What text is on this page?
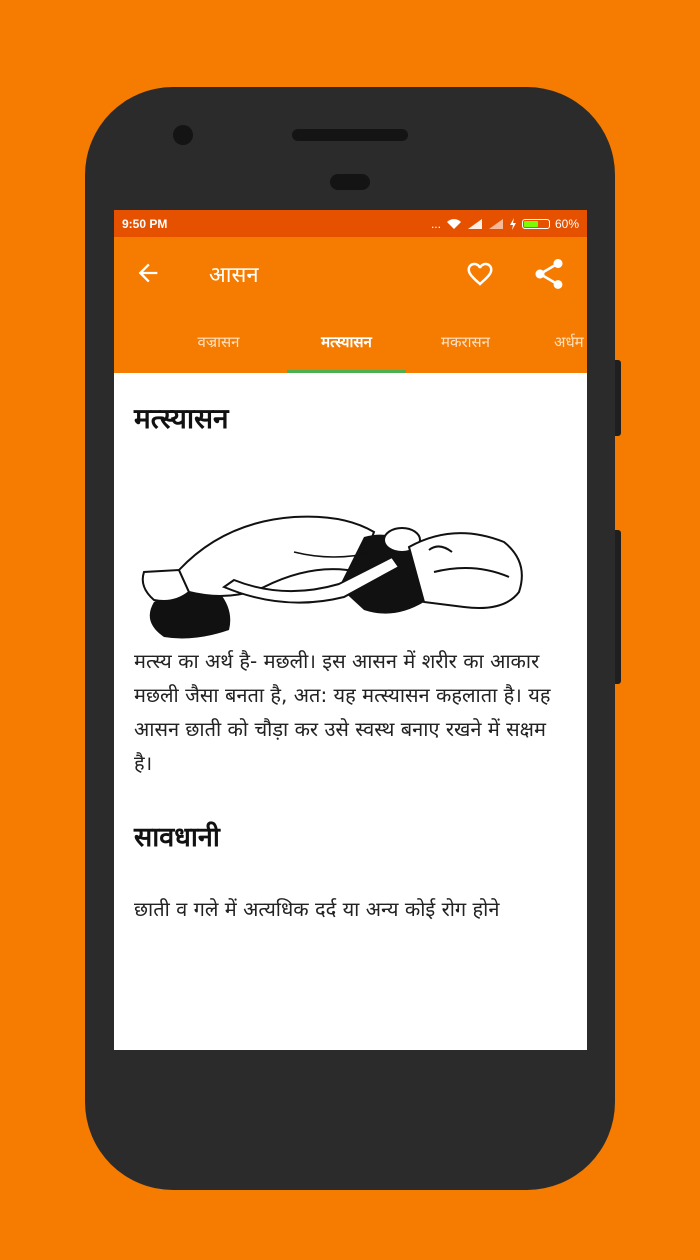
9:50 PM	...	60%
आसन
वज्रासन	मत्स्यासन	मकरासन	अर्धम
मत्स्यासन
मत्स्य का अर्थ है- मछली। इस आसन में शरीर का आकार मछली जैसा बनता है, अत: यह मत्स्यासन कहलाता है। यह आसन छाती को चौड़ा कर उसे स्वस्थ बनाए रखने में सक्षम है।
सावधानी
छाती व गले में अत्यधिक दर्द या अन्य कोई रोग होने
